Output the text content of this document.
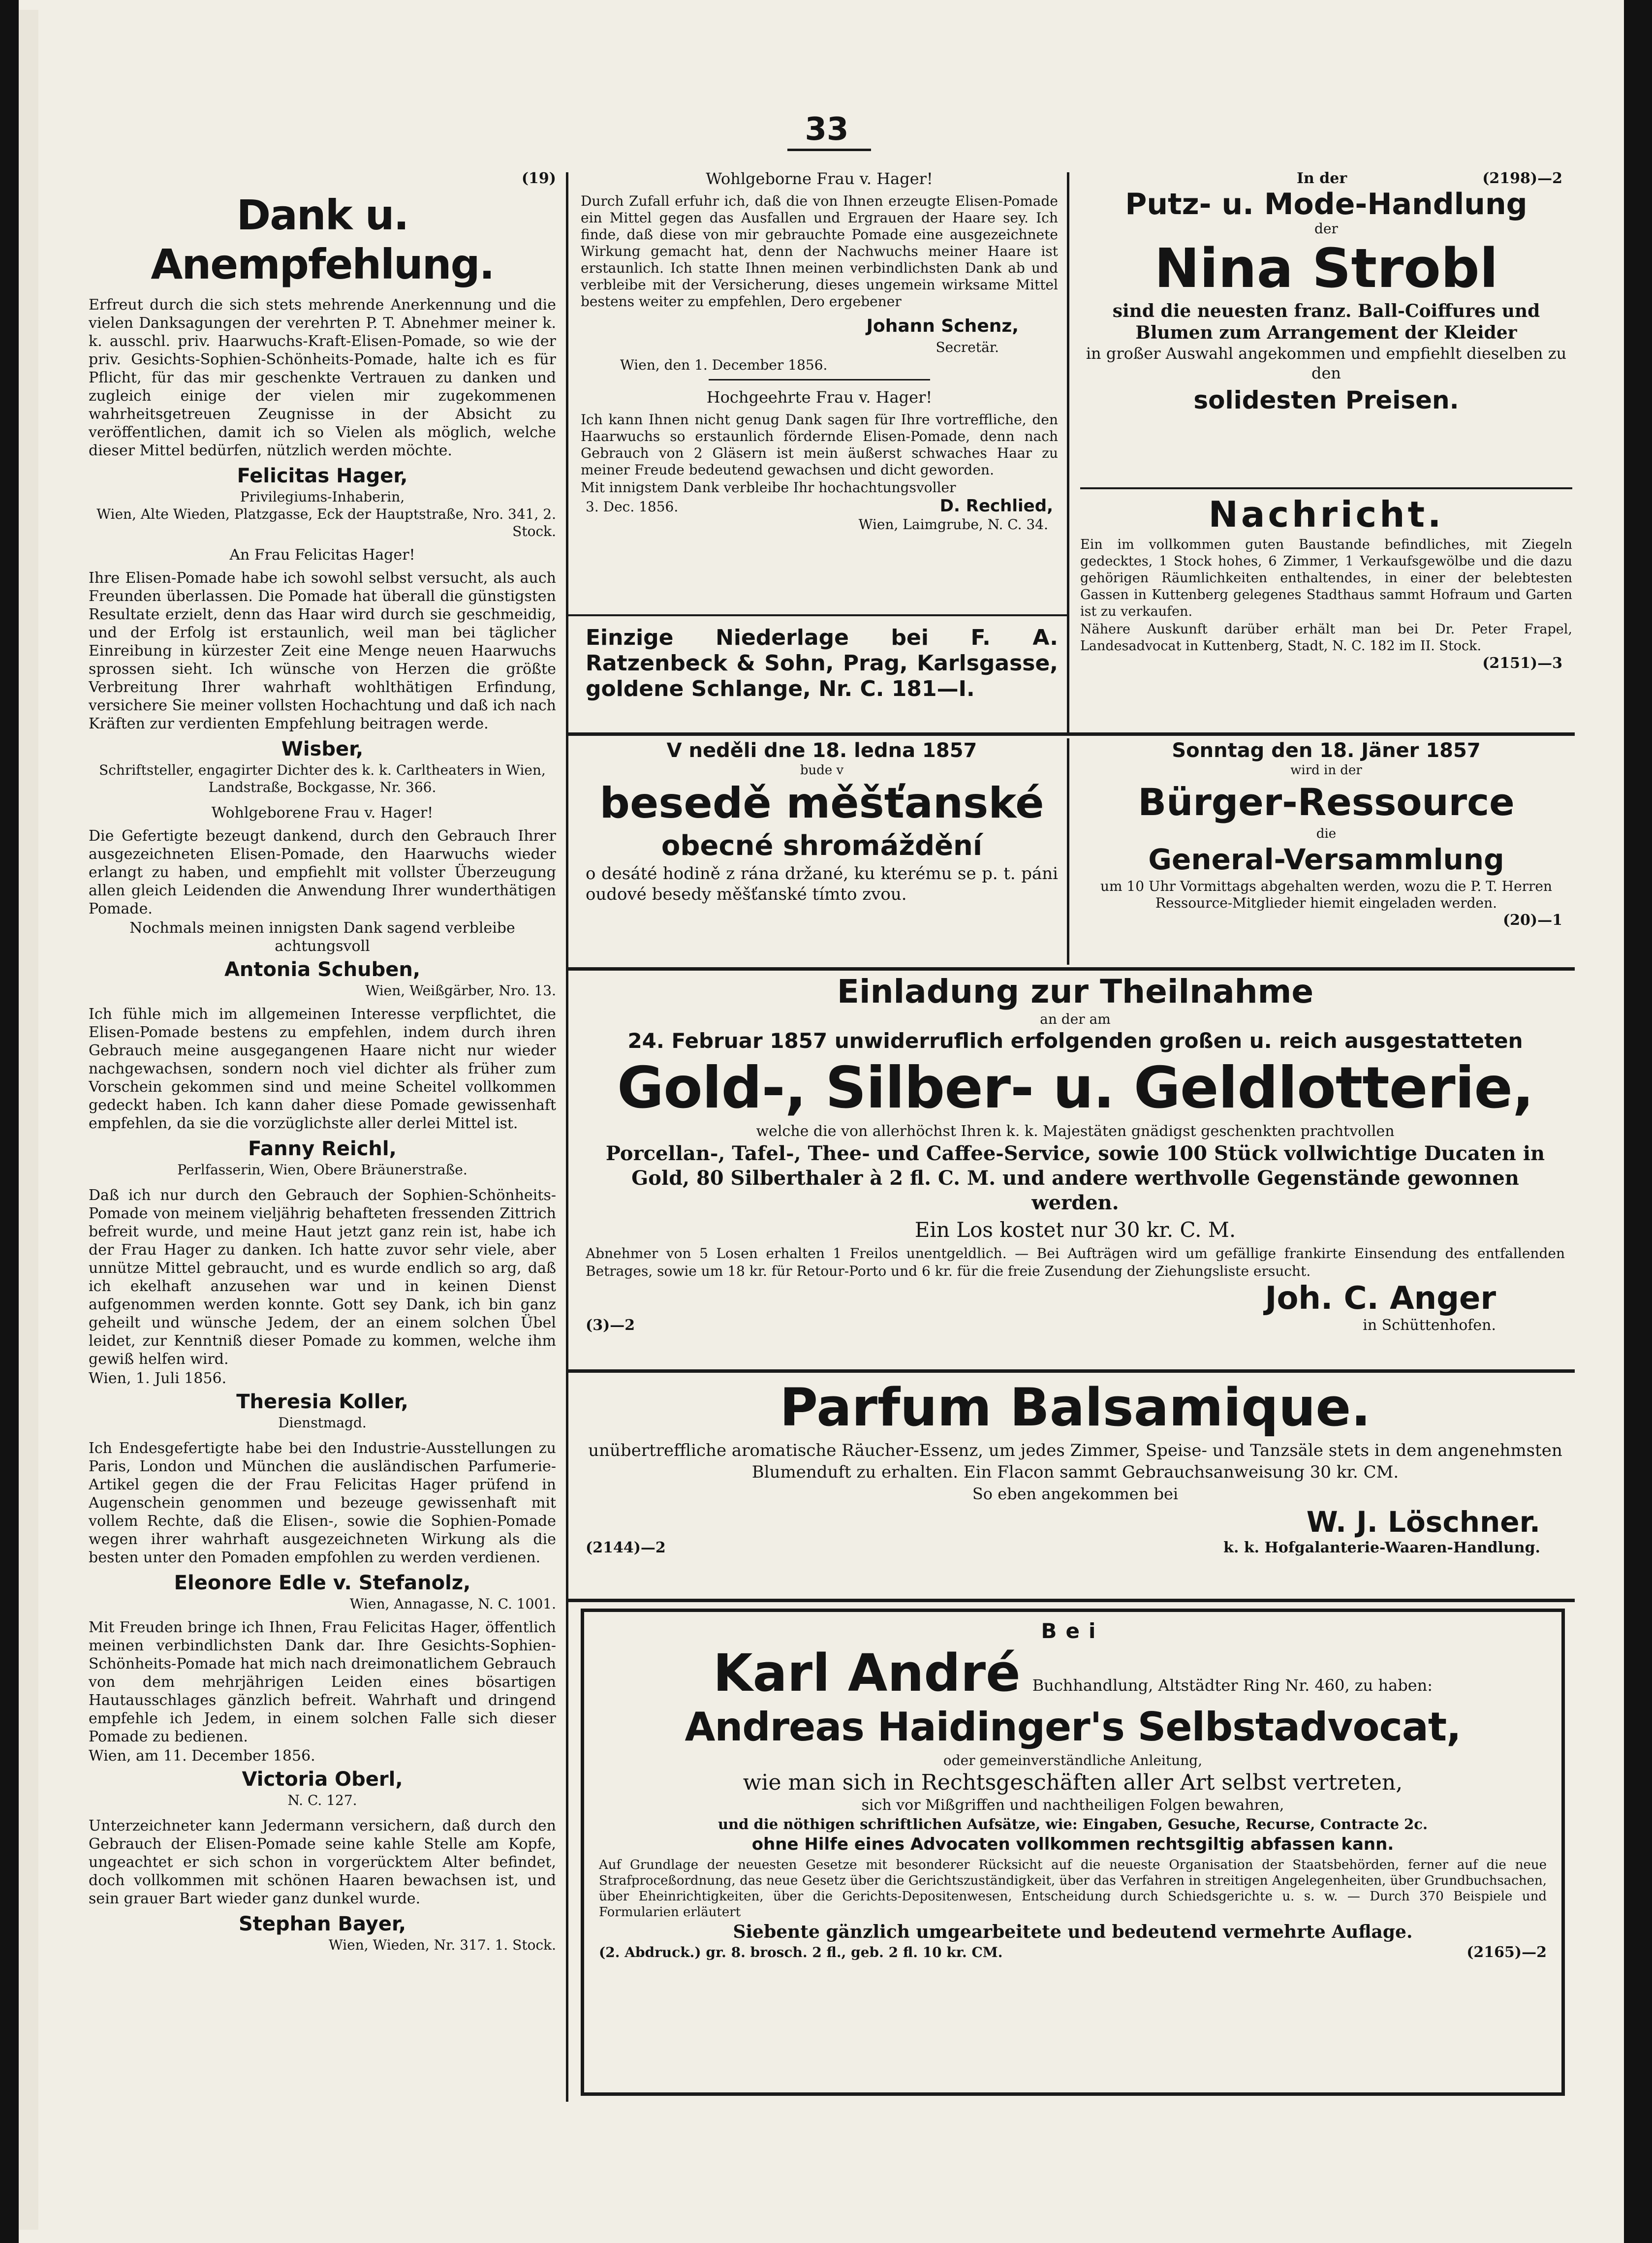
33
(19)
Dank u. Anempfehlung.

Erfreut durch die sich stets mehrende Anerkennung und die vielen Danksagungen der verehrten P. T. Abnehmer meiner k. k. ausschl. priv. Haarwuchs-Kraft-Elisen-Pomade, so wie der priv. Gesichts-Sophien-Schönheits-Pomade, halte ich es für Pflicht, für das mir geschenkte Vertrauen zu danken und zugleich einige der vielen mir zugekommenen wahrheitsgetreuen Zeugnisse in der Absicht zu veröffentlichen, damit ich so Vielen als möglich, welche dieser Mittel bedürfen, nützlich werden möchte.

Felicitas Hager,

Privilegiums-Inhaberin,

Wien, Alte Wieden, Platzgasse, Eck der Hauptstraße, Nro. 341, 2. Stock.

An Frau Felicitas Hager!

Ihre Elisen-Pomade habe ich sowohl selbst versucht, als auch Freunden überlassen. Die Pomade hat überall die günstigsten Resultate erzielt, denn das Haar wird durch sie geschmeidig, und der Erfolg ist erstaunlich, weil man bei täglicher Einreibung in kürzester Zeit eine Menge neuen Haarwuchs sprossen sieht. Ich wünsche von Herzen die größte Verbreitung Ihrer wahrhaft wohlthätigen Erfindung, versichere Sie meiner vollsten Hochachtung und daß ich nach Kräften zur verdienten Empfehlung beitragen werde.

Wisber,

Schriftsteller, engagirter Dichter des k. k. Carltheaters in Wien, Landstraße, Bockgasse, Nr. 366.

Wohlgeborene Frau v. Hager!

Die Gefertigte bezeugt dankend, durch den Gebrauch Ihrer ausgezeichneten Elisen-Pomade, den Haarwuchs wieder erlangt zu haben, und empfiehlt mit vollster Überzeugung allen gleich Leidenden die Anwendung Ihrer wunderthätigen Pomade.

Nochmals meinen innigsten Dank sagend verbleibe achtungsvoll

Antonia Schuben,

Wien, Weißgärber, Nro. 13.

Ich fühle mich im allgemeinen Interesse verpflichtet, die Elisen-Pomade bestens zu empfehlen, indem durch ihren Gebrauch meine ausgegangenen Haare nicht nur wieder nachgewachsen, sondern noch viel dichter als früher zum Vorschein gekommen sind und meine Scheitel vollkommen gedeckt haben. Ich kann daher diese Pomade gewissenhaft empfehlen, da sie die vorzüglichste aller derlei Mittel ist.

Fanny Reichl,

Perlfasserin, Wien, Obere Bräunerstraße.

Daß ich nur durch den Gebrauch der Sophien-Schönheits-Pomade von meinem vieljährig behafteten fressenden Zittrich befreit wurde, und meine Haut jetzt ganz rein ist, habe ich der Frau Hager zu danken. Ich hatte zuvor sehr viele, aber unnütze Mittel gebraucht, und es wurde endlich so arg, daß ich ekelhaft anzusehen war und in keinen Dienst aufgenommen werden konnte. Gott sey Dank, ich bin ganz geheilt und wünsche Jedem, der an einem solchen Übel leidet, zur Kenntniß dieser Pomade zu kommen, welche ihm gewiß helfen wird.

Wien, 1. Juli 1856.

Theresia Koller,

Dienstmagd.

Ich Endesgefertigte habe bei den Industrie-Ausstellungen zu Paris, London und München die ausländischen Parfumerie-Artikel gegen die der Frau Felicitas Hager prüfend in Augenschein genommen und bezeuge gewissenhaft mit vollem Rechte, daß die Elisen-, sowie die Sophien-Pomade wegen ihrer wahrhaft ausgezeichneten Wirkung als die besten unter den Pomaden empfohlen zu werden verdienen.

Eleonore Edle v. Stefanolz,

Wien, Annagasse, N. C. 1001.

Mit Freuden bringe ich Ihnen, Frau Felicitas Hager, öffentlich meinen verbindlichsten Dank dar. Ihre Gesichts-Sophien-Schönheits-Pomade hat mich nach dreimonatlichem Gebrauch von dem mehrjährigen Leiden eines bösartigen Hautausschlages gänzlich befreit. Wahrhaft und dringend empfehle ich Jedem, in einem solchen Falle sich dieser Pomade zu bedienen.

Wien, am 11. December 1856.

Victoria Oberl,

N. C. 127.

Unterzeichneter kann Jedermann versichern, daß durch den Gebrauch der Elisen-Pomade seine kahle Stelle am Kopfe, ungeachtet er sich schon in vorgerücktem Alter befindet, doch vollkommen mit schönen Haaren bewachsen ist, und sein grauer Bart wieder ganz dunkel wurde.

Stephan Bayer,

Wien, Wieden, Nr. 317. 1. Stock.

Wohlgeborne Frau v. Hager!

Durch Zufall erfuhr ich, daß die von Ihnen erzeugte Elisen-Pomade ein Mittel gegen das Ausfallen und Ergrauen der Haare sey. Ich finde, daß diese von mir gebrauchte Pomade eine ausgezeichnete Wirkung gemacht hat, denn der Nachwuchs meiner Haare ist erstaunlich. Ich statte Ihnen meinen verbindlichsten Dank ab und verbleibe mit der Versicherung, dieses ungemein wirksame Mittel bestens weiter zu empfehlen, Dero ergebener

Johann Schenz,

Secretär.

Wien, den 1. December 1856.

Hochgeehrte Frau v. Hager!

Ich kann Ihnen nicht genug Dank sagen für Ihre vortreffliche, den Haarwuchs so erstaunlich fördernde Elisen-Pomade, denn nach Gebrauch von 2 Gläsern ist mein äußerst schwaches Haar zu meiner Freude bedeutend gewachsen und dicht geworden.

Mit innigstem Dank verbleibe Ihr hochachtungsvoller

3. Dec. 1856.	D. Rechlied,

Wien, Laimgrube, N. C. 34.

Einzige Niederlage bei F. A. Ratzenbeck & Sohn, Prag, Karlsgasse, goldene Schlange, Nr. C. 181—I.
In der	(2198)—2
Putz- u. Mode-Handlung
der
Nina Strobl

sind die neuesten franz. Ball-Coiffures und Blumen zum Arrangement der Kleider

in großer Auswahl angekommen und empfiehlt dieselben zu den

solidesten Preisen.
Nachricht.

Ein im vollkommen guten Baustande befindliches, mit Ziegeln gedecktes, 1 Stock hohes, 6 Zimmer, 1 Verkaufsgewölbe und die dazu gehörigen Räumlichkeiten enthaltendes, in einer der belebtesten Gassen in Kuttenberg gelegenes Stadthaus sammt Hofraum und Garten ist zu verkaufen.

Nähere Auskunft darüber erhält man bei Dr. Peter Frapel, Landesadvocat in Kuttenberg, Stadt, N. C. 182 im II. Stock.

(2151)—3
V neděli dne 18. ledna 1857
bude v
besedě měšťanské
obecné shromáždění

o desáté hodině z rána držané, ku kterému se p. t. páni oudové besedy měšťanské tímto zvou.

Sonntag den 18. Jäner 1857
wird in der
Bürger-Ressource
die
General-Versammlung

um 10 Uhr Vormittags abgehalten werden, wozu die P. T. Herren Ressource-Mitglieder hiemit eingeladen werden.

(20)—1
Einladung zur Theilnahme
an der am
24. Februar 1857 unwiderruflich erfolgenden großen u. reich ausgestatteten
Gold-, Silber- u. Geldlotterie,
welche die von allerhöchst Ihren k. k. Majestäten gnädigst geschenkten prachtvollen

Porcellan-, Tafel-, Thee- und Caffee-Service, sowie 100 Stück vollwichtige Ducaten in Gold, 80 Silberthaler à 2 fl. C. M. und andere werthvolle Gegenstände gewonnen werden.

Ein Los kostet nur 30 kr. C. M.

Abnehmer von 5 Losen erhalten 1 Freilos unentgeldlich. — Bei Aufträgen wird um gefällige frankirte Einsendung des entfallenden Betrages, sowie um 18 kr. für Retour-Porto und 6 kr. für die freie Zusendung der Ziehungsliste ersucht.

Joh. C. Anger
(3)—2	in Schüttenhofen.
Parfum Balsamique.

unübertreffliche aromatische Räucher-Essenz, um jedes Zimmer, Speise- und Tanzsäle stets in dem angenehmsten Blumenduft zu erhalten. Ein Flacon sammt Gebrauchsanweisung 30 kr. CM.

So eben angekommen bei
W. J. Löschner.
(2144)—2	k. k. Hofgalanterie-Waaren-Handlung.
Bei
Karl André Buchhandlung, Altstädter Ring Nr. 460, zu haben:
Andreas Haidinger's Selbstadvocat,
oder gemeinverständliche Anleitung,
wie man sich in Rechtsgeschäften aller Art selbst vertreten,
sich vor Mißgriffen und nachtheiligen Folgen bewahren,
und die nöthigen schriftlichen Aufsätze, wie: Eingaben, Gesuche, Recurse, Contracte 2c.
ohne Hilfe eines Advocaten vollkommen rechtsgiltig abfassen kann.

Auf Grundlage der neuesten Gesetze mit besonderer Rücksicht auf die neueste Organisation der Staatsbehörden, ferner auf die neue Strafproceßordnung, das neue Gesetz über die Gerichtszuständigkeit, über das Verfahren in streitigen Angelegenheiten, über Grundbuchsachen, über Eheinrichtigkeiten, über die Gerichts-Depositenwesen, Entscheidung durch Schiedsgerichte u. s. w. — Durch 370 Beispiele und Formularien erläutert

Siebente gänzlich umgearbeitete und bedeutend vermehrte Auflage.
(2. Abdruck.) gr. 8. brosch. 2 fl., geb. 2 fl. 10 kr. CM.	(2165)—2
